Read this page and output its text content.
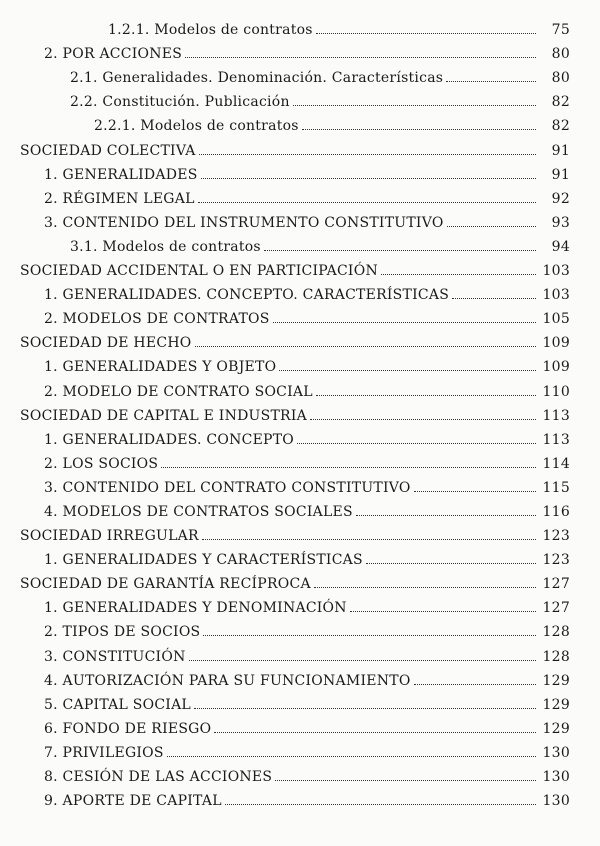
1.2.1. Modelos de contratos	75
2. POR ACCIONES	80
2.1. Generalidades. Denominación. Características	80
2.2. Constitución. Publicación	82
2.2.1. Modelos de contratos	82
SOCIEDAD COLECTIVA	91
1. GENERALIDADES	91
2. RÉGIMEN LEGAL	92
3. CONTENIDO DEL INSTRUMENTO CONSTITUTIVO	93
3.1. Modelos de contratos	94
SOCIEDAD ACCIDENTAL O EN PARTICIPACIÓN	103
1. GENERALIDADES. CONCEPTO. CARACTERÍSTICAS	103
2. MODELOS DE CONTRATOS	105
SOCIEDAD DE HECHO	109
1. GENERALIDADES Y OBJETO	109
2. MODELO DE CONTRATO SOCIAL	110
SOCIEDAD DE CAPITAL E INDUSTRIA	113
1. GENERALIDADES. CONCEPTO	113
2. LOS SOCIOS	114
3. CONTENIDO DEL CONTRATO CONSTITUTIVO	115
4. MODELOS DE CONTRATOS SOCIALES	116
SOCIEDAD IRREGULAR	123
1. GENERALIDADES Y CARACTERÍSTICAS	123
SOCIEDAD DE GARANTÍA RECÍPROCA	127
1. GENERALIDADES Y DENOMINACIÓN	127
2. TIPOS DE SOCIOS	128
3. CONSTITUCIÓN	128
4. AUTORIZACIÓN PARA SU FUNCIONAMIENTO	129
5. CAPITAL SOCIAL	129
6. FONDO DE RIESGO	129
7. PRIVILEGIOS	130
8. CESIÓN DE LAS ACCIONES	130
9. APORTE DE CAPITAL	130
